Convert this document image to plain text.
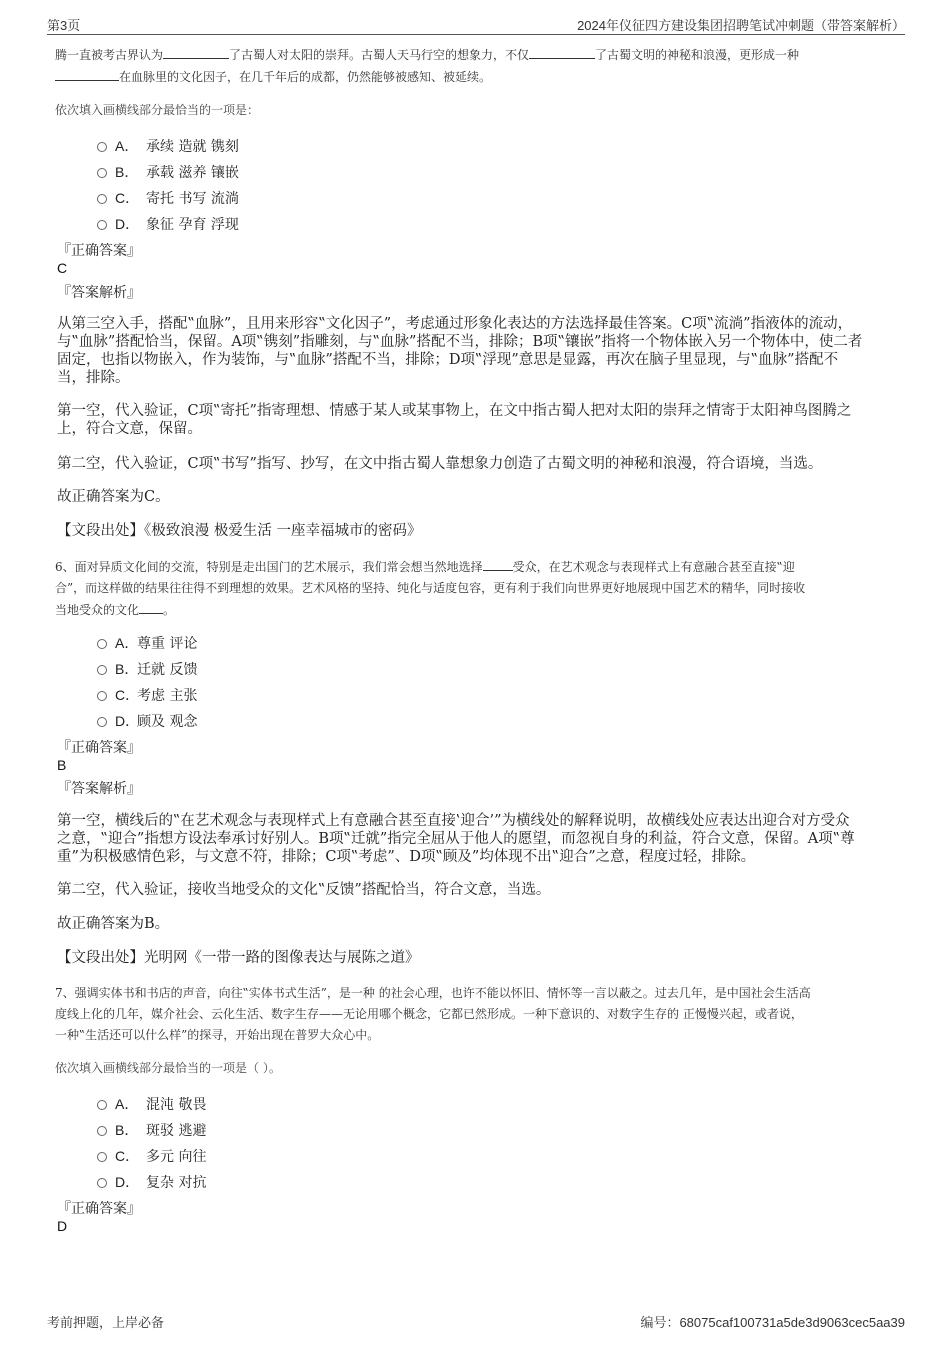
第3页	2024年仪征四方建设集团招聘笔试冲刺题（带答案解析）
腾一直被考古界认为	了古蜀人对太阳的崇拜。古蜀人天马行空的想象力，不仅	了古蜀文明的神秘和浪漫，更形成一种
在血脉里的文化因子，在几千年后的成都，仍然能够被感知、被延续。
依次填入画横线部分最恰当的一项是：
A． 承续 造就 镌刻
B． 承载 滋养 镶嵌
C． 寄托 书写 流淌
D． 象征 孕育 浮现
『正确答案』
C
『答案解析』
从第三空入手，搭配‟血脉”，且用来形容‟文化因子”，考虑通过形象化表达的方法选择最佳答案。C项‟流淌”指液体的流动，
与‟血脉”搭配恰当，保留。A项‟镌刻”指雕刻，与‟血脉”搭配不当，排除；B项‟镶嵌”指将一个物体嵌入另一个物体中，使二者
固定，也指以物嵌入，作为装饰，与‟血脉”搭配不当，排除；D项‟浮现”意思是显露，再次在脑子里显现，与‟血脉”搭配不
当，排除。
第一空，代入验证，C项‟寄托”指寄理想、情感于某人或某事物上，在文中指古蜀人把对太阳的崇拜之情寄于太阳神鸟图腾之
上，符合文意，保留。
第二空，代入验证，C项‟书写”指写、抄写，在文中指古蜀人靠想象力创造了古蜀文明的神秘和浪漫，符合语境，当选。
故正确答案为C。
【文段出处】《极致浪漫 极爱生活 一座幸福城市的密码》
6、面对异质文化间的交流，特别是走出国门的艺术展示，我们常会想当然地选择	受众，在艺术观念与表现样式上有意融合甚至直接‟迎
合”，而这样做的结果往往得不到理想的效果。艺术风格的坚持、纯化与适度包容，更有利于我们向世界更好地展现中国艺术的精华，同时接收
当地受众的文化 。
A．尊重 评论
B．迁就 反馈
C．考虑 主张
D．顾及 观念
『正确答案』
B
『答案解析』
第一空，横线后的‟在艺术观念与表现样式上有意融合甚至直接‛迎合’”为横线处的解释说明，故横线处应表达出迎合对方受众
之意，‟迎合”指想方设法奉承讨好别人。B项‟迁就”指完全屈从于他人的愿望，而忽视自身的利益，符合文意，保留。A项‟尊
重”为积极感情色彩，与文意不符，排除；C项‟考虑”、D项‟顾及”均体现不出‟迎合”之意，程度过轻，排除。
第二空，代入验证，接收当地受众的文化‟反馈”搭配恰当，符合文意，当选。
故正确答案为B。
【文段出处】光明网《一带一路的图像表达与展陈之道》
7、强调实体书和书店的声音，向往‟实体书式生活”，是一种 的社会心理，也许不能以怀旧、情怀等一言以蔽之。过去几年，是中国社会生活高
度线上化的几年，媒介社会、云化生活、数字生存——无论用哪个概念，它都已然形成。一种下意识的、对数字生存的 正慢慢兴起，或者说，
一种‟生活还可以什么样”的探寻，开始出现在普罗大众心中。
依次填入画横线部分最恰当的一项是（ ）。
A． 混沌 敬畏
B． 斑驳 逃避
C． 多元 向往
D． 复杂 对抗
『正确答案』
D
考前押题，上岸必备	编号：68075caf100731a5de3d9063cec5aa39
